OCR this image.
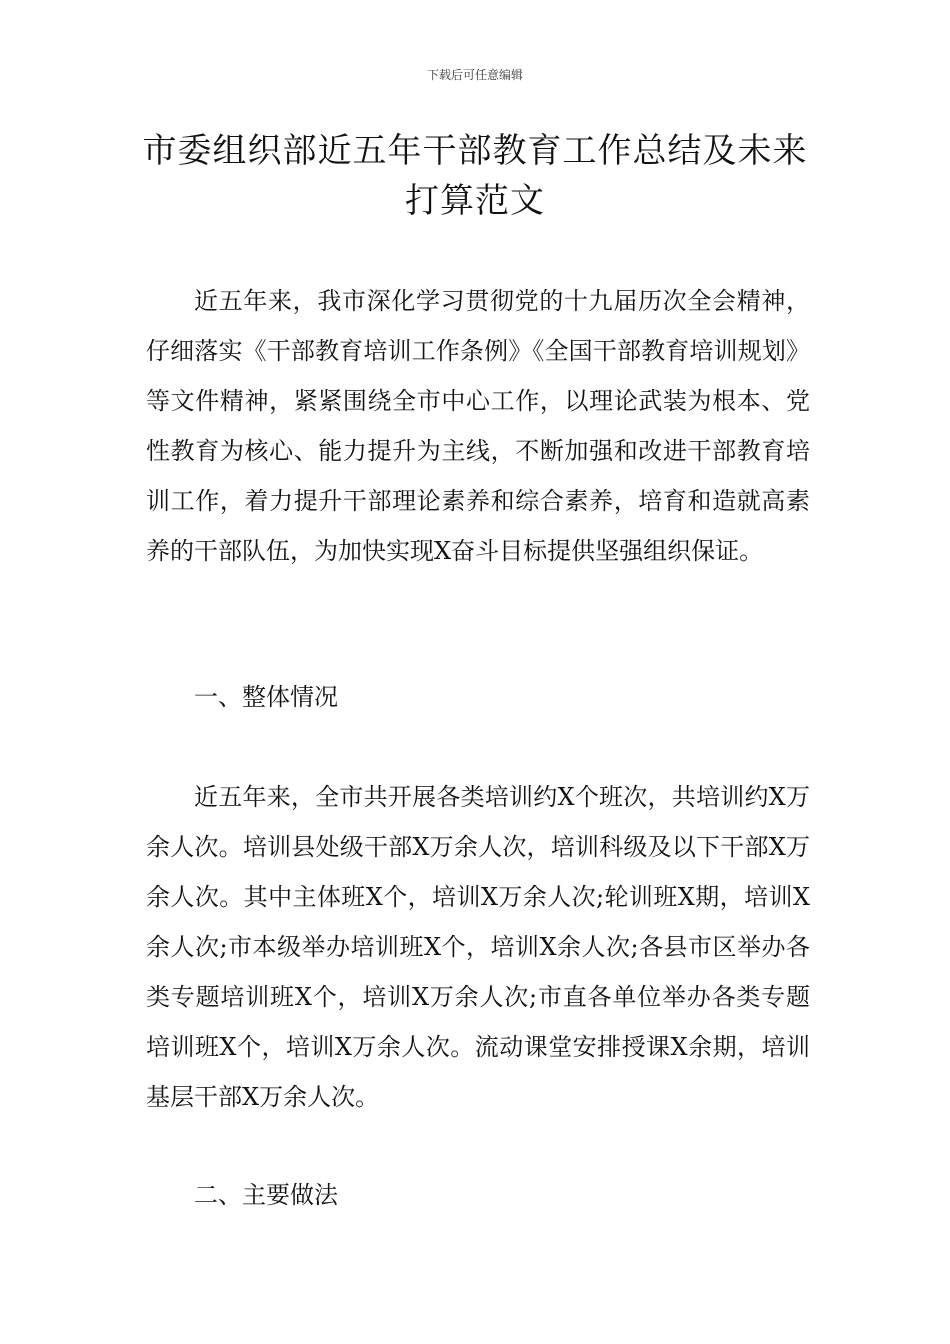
下载后可任意编辑
市委组织部近五年干部教育工作总结及未来打算范文

近五年来，我市深化学习贯彻党的十九届历次全会精神，仔细落实《干部教育培训工作条例》《全国干部教育培训规划》等文件精神，紧紧围绕全市中心工作，以理论武装为根本、党性教育为核心、能力提升为主线，不断加强和改进干部教育培训工作，着力提升干部理论素养和综合素养，培育和造就高素养的干部队伍，为加快实现X奋斗目标提供坚强组织保证。

一、整体情况

近五年来，全市共开展各类培训约X个班次，共培训约X万余人次。培训县处级干部X万余人次，培训科级及以下干部X万余人次。其中主体班X个，培训X万余人次;轮训班X期，培训X余人次;市本级举办培训班X个，培训X余人次;各县市区举办各类专题培训班X个，培训X万余人次;市直各单位举办各类专题培训班X个，培训X万余人次。流动课堂安排授课X余期，培训基层干部X万余人次。

二、主要做法
